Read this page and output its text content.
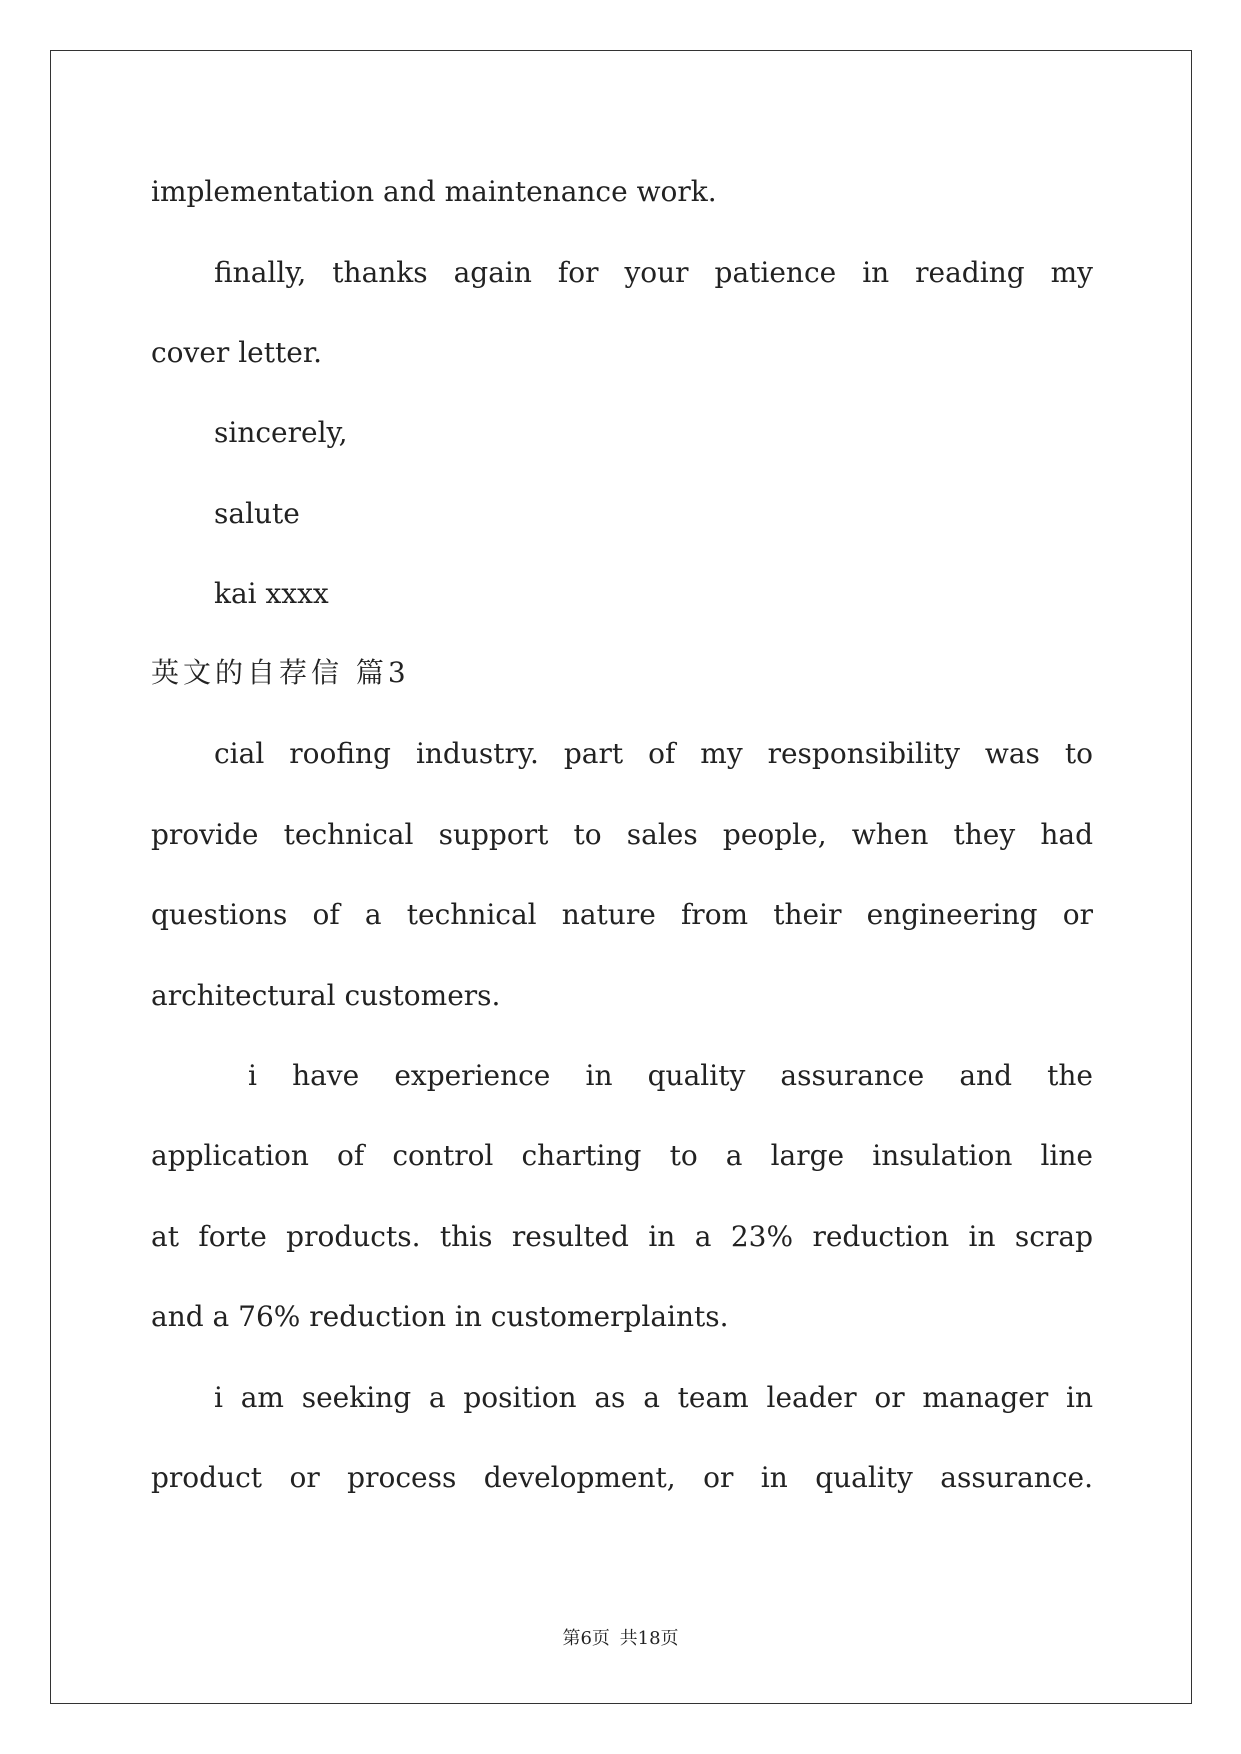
implementation and maintenance work.
finally, thanks again for your patience in reading my
cover letter.
sincerely,
salute
kai xxxx
英文的自荐信 篇3
cial roofing industry. part of my responsibility was to
provide technical support to sales people, when they had
questions of a technical nature from their engineering or
architectural customers.
i have experience in quality assurance and the
application of control charting to a large insulation line
at forte products. this resulted in a 23% reduction in scrap
and a 76% reduction in customerplaints.
i am seeking a position as a team leader or manager in
product or process development, or in quality assurance.
第6页 共18页
